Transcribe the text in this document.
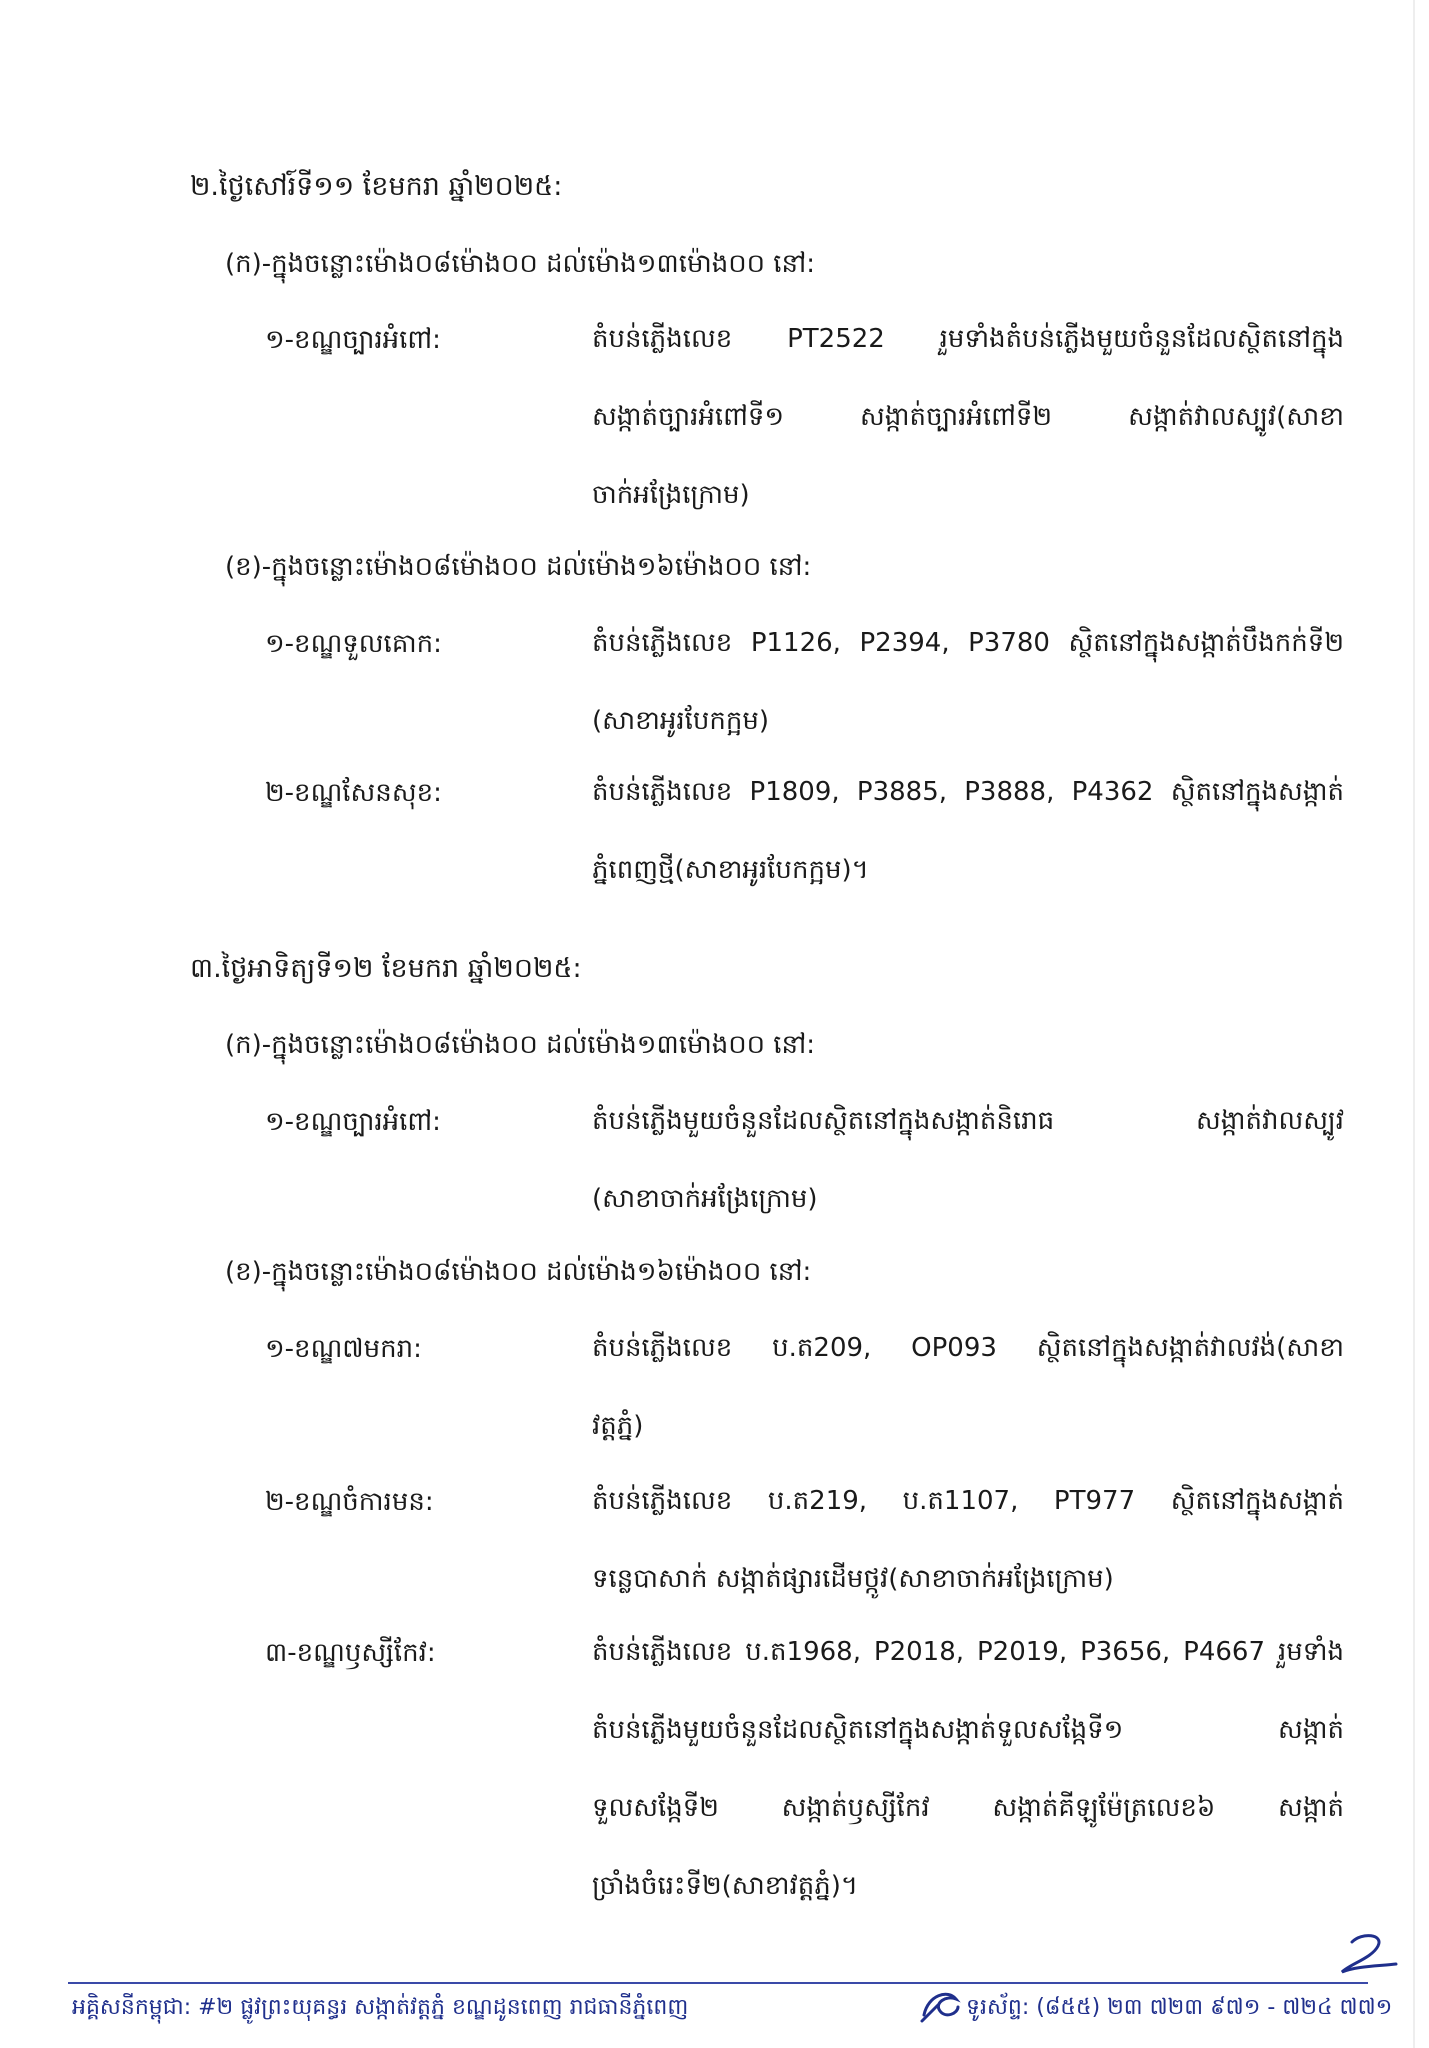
២.ថ្ងៃសៅរ៍ទី១១ ខែមករា ឆ្នាំ២០២៥:
(ក)-ក្នុងចន្លោះម៉ោង០៨ម៉ោង០០ ដល់ម៉ោង១៣ម៉ោង០០ នៅ:
១-ខណ្ឌច្បារអំពៅ:	តំបន់ភ្លើងលេខ PT2522 រួមទាំងតំបន់ភ្លើងមួយចំនួនដែលស្ថិតនៅក្នុង
សង្កាត់ច្បារអំពៅទី១ សង្កាត់ច្បារអំពៅទី២ សង្កាត់វាលស្បូវ(សាខា
ចាក់អង្រែក្រោម)
(ខ)-ក្នុងចន្លោះម៉ោង០៨ម៉ោង០០ ដល់ម៉ោង១៦ម៉ោង០០ នៅ:
១-ខណ្ឌទួលគោក:	តំបន់ភ្លើងលេខ P1126, P2394, P3780 ស្ថិតនៅក្នុងសង្កាត់បឹងកក់ទី២
(សាខាអូរបែកក្អម)
២-ខណ្ឌសែនសុខ:	តំបន់ភ្លើងលេខ P1809, P3885, P3888, P4362 ស្ថិតនៅក្នុងសង្កាត់
ភ្នំពេញថ្មី(សាខាអូរបែកក្អម)។
៣.ថ្ងៃអាទិត្យទី១២ ខែមករា ឆ្នាំ២០២៥:
(ក)-ក្នុងចន្លោះម៉ោង០៨ម៉ោង០០ ដល់ម៉ោង១៣ម៉ោង០០ នៅ:
១-ខណ្ឌច្បារអំពៅ:	តំបន់ភ្លើងមួយចំនួនដែលស្ថិតនៅក្នុងសង្កាត់និរោធ សង្កាត់វាលស្បូវ
(សាខាចាក់អង្រែក្រោម)
(ខ)-ក្នុងចន្លោះម៉ោង០៨ម៉ោង០០ ដល់ម៉ោង១៦ម៉ោង០០ នៅ:
១-ខណ្ឌ៧មករា:	តំបន់ភ្លើងលេខ ប.ត209, OP093 ស្ថិតនៅក្នុងសង្កាត់វាលវង់(សាខា
វត្តភ្នំ)
២-ខណ្ឌចំការមន:	តំបន់ភ្លើងលេខ ប.ត219, ប.ត1107, PT977 ស្ថិតនៅក្នុងសង្កាត់
ទន្លេបាសាក់ សង្កាត់ផ្សារដើមថ្កូវ(សាខាចាក់អង្រែក្រោម)
៣-ខណ្ឌឫស្សីកែវ:	តំបន់ភ្លើងលេខ ប.ត1968, P2018, P2019, P3656, P4667 រួមទាំង
តំបន់ភ្លើងមួយចំនួនដែលស្ថិតនៅក្នុងសង្កាត់ទួលសង្កែទី១ សង្កាត់
ទួលសង្កែទី២ សង្កាត់ឫស្សីកែវ សង្កាត់គីឡូម៉ែត្រលេខ៦ សង្កាត់
ច្រាំងចំរេះទី២(សាខាវត្តភ្នំ)។
អគ្គិសនីកម្ពុជា: #២ ផ្លូវព្រះយុគន្ធរ សង្កាត់វត្តភ្នំ ខណ្ឌដូនពេញ រាជធានីភ្នំពេញ	ទូរស័ព្ទ: (៨៥៥) ២៣ ៧២៣ ៩៧១ - ៧២៤ ៧៧១
